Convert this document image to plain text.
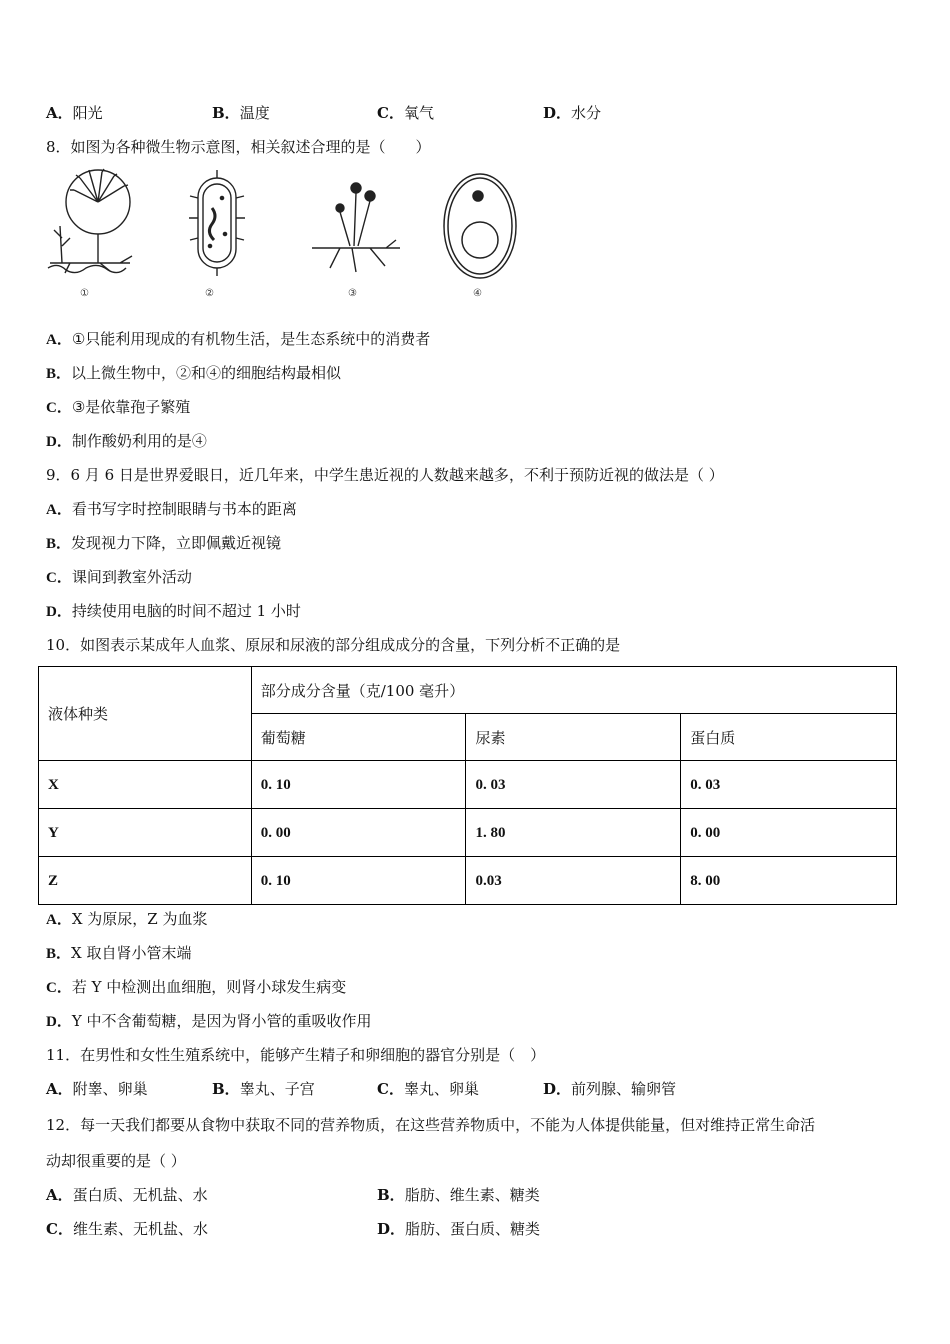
A．阳光	B．温度	C．氧气	D．水分
8．如图为各种微生物示意图，相关叙述合理的是（　　）
①	②	③	④
A．①只能利用现成的有机物生活，是生态系统中的消费者
B．以上微生物中，②和④的细胞结构最相似
C．③是依靠孢子繁殖
D．制作酸奶利用的是④
9．6 月 6 日是世界爱眼日，近几年来，中学生患近视的人数越来越多，不利于预防近视的做法是（ ）
A．看书写字时控制眼睛与书本的距离
B．发现视力下降，立即佩戴近视镜
C．课间到教室外活动
D．持续使用电脑的时间不超过 1 小时
10．如图表示某成年人血浆、原尿和尿液的部分组成成分的含量，下列分析不正确的是
液体种类	部分成分含量（克/100 毫升）		
	葡萄糖	尿素	蛋白质
X	0. 10	0. 03	0. 03
Y	0. 00	1. 80	0. 00
Z	0. 10	0.03	8. 00
A．X 为原尿，Z 为血浆
B．X 取自肾小管末端
C．若 Y 中检测出血细胞，则肾小球发生病变
D．Y 中不含葡萄糖，是因为肾小管的重吸收作用
11．在男性和女性生殖系统中，能够产生精子和卵细胞的器官分别是（　）
A．附睾、卵巢	B．睾丸、子宫	C．睾丸、卵巢	D．前列腺、输卵管
12．每一天我们都要从食物中获取不同的营养物质，在这些营养物质中，不能为人体提供能量，但对维持正常生命活
动却很重要的是（ ）
A．蛋白质、无机盐、水	B．脂肪、维生素、糖类
C．维生素、无机盐、水	D．脂肪、蛋白质、糖类
